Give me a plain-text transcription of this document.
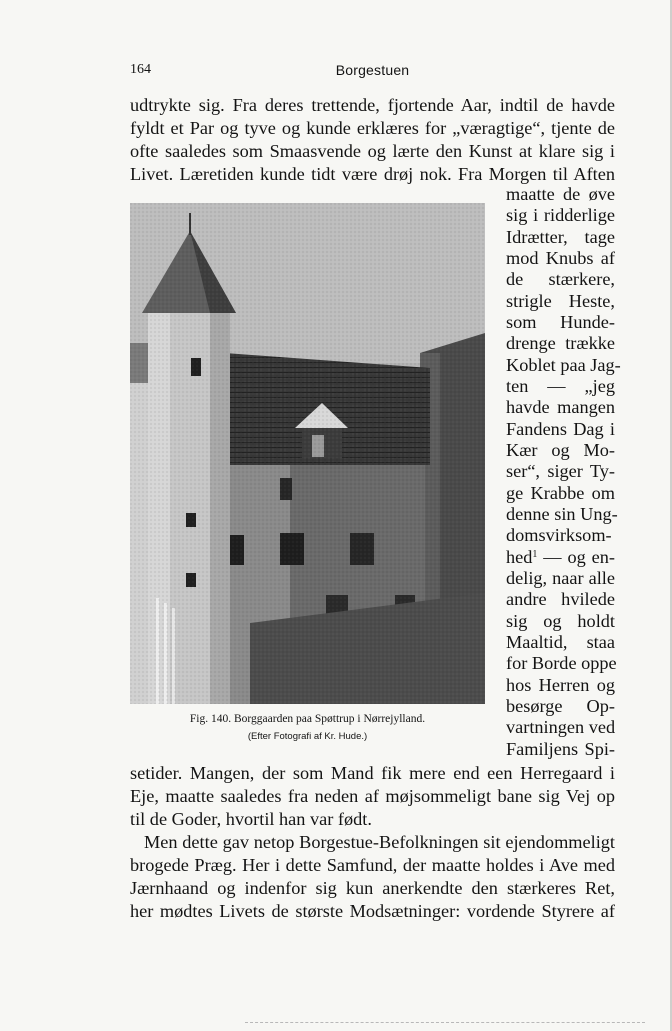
164	Borgestuen
udtrykte sig. Fra deres trettende, fjortende Aar, indtil de havde
fyldt et Par og tyve og kunde erklæres for „væragtige“, tjente de
ofte saaledes som Smaasvende og lærte den Kunst at klare sig i
Livet. Læretiden kunde tidt være drøj nok. Fra Morgen til Aften
Fig. 140. Borggaarden paa Spøttrup i Nørrejylland.
(Efter Fotografi af Kr. Hude.)
maatte de øve
sig i ridderlige
Idrætter, tage
mod Knubs af
de stærkere,
strigle Heste,
som Hunde-
drenge trække
Koblet paa Jag-
ten — „jeg
havde mangen
Fandens Dag i
Kær og Mo-
ser“, siger Ty-
ge Krabbe om
denne sin Ung-
domsvirksom-
hed$^1$ — og en-
delig, naar alle
andre hvilede
sig og holdt
Maaltid, staa
for Borde oppe
hos Herren og
besørge Op-
vartningen ved
Familjens Spi-
setider. Mangen, der som Mand fik mere end een Herregaard i
Eje, maatte saaledes fra neden af møjsommeligt bane sig Vej op
til de Goder, hvortil han var født.
Men dette gav netop Borgestue-Befolkningen sit ejendommeligt
brogede Præg. Her i dette Samfund, der maatte holdes i Ave med
Jærnhaand og indenfor sig kun anerkendte den stærkeres Ret,
her mødtes Livets de største Modsætninger: vordende Styrere af
